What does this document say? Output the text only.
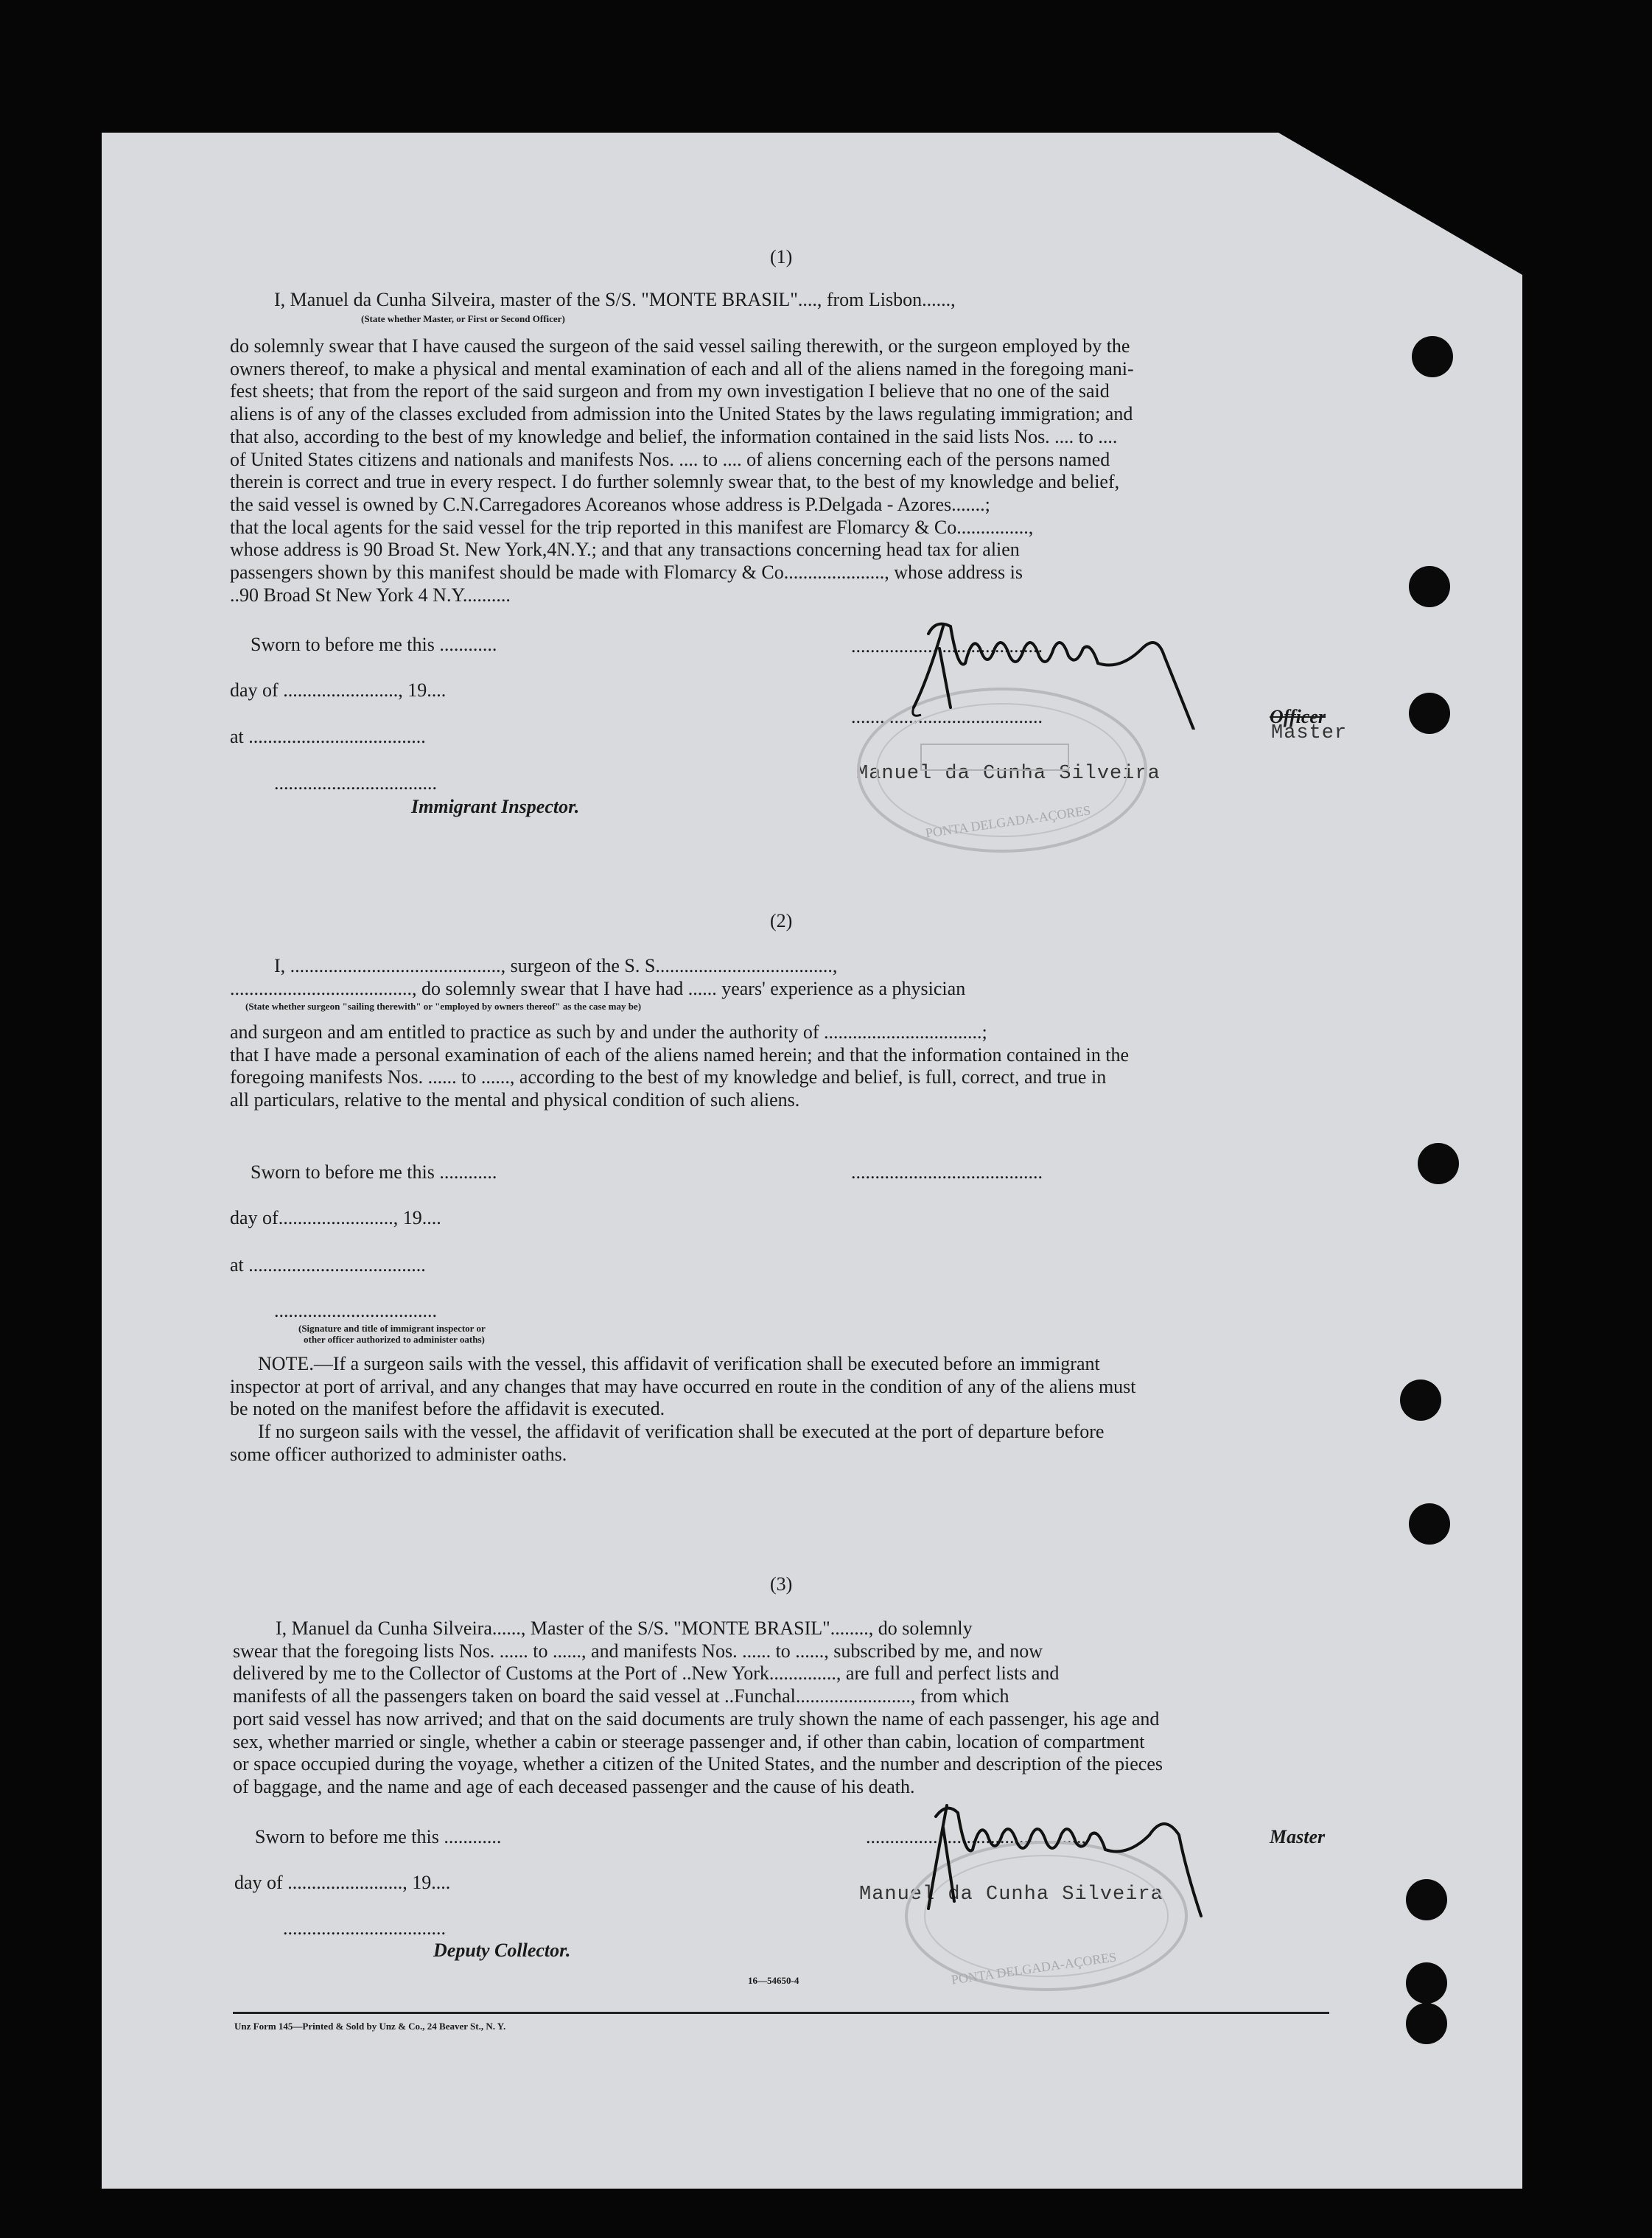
(1)
I, Manuel da Cunha Silveira, master of the S/S. "MONTE BRASIL"...., from Lisbon......,
(State whether Master, or First or Second Officer)
do solemnly swear that I have caused the surgeon of the said vessel sailing therewith, or the surgeon employed by the
owners thereof, to make a physical and mental examination of each and all of the aliens named in the foregoing mani-
fest sheets; that from the report of the said surgeon and from my own investigation I believe that no one of the said
aliens is of any of the classes excluded from admission into the United States by the laws regulating immigration; and
that also, according to the best of my knowledge and belief, the information contained in the said lists Nos. .... to ....
of United States citizens and nationals and manifests Nos. .... to .... of aliens concerning each of the persons named
therein is correct and true in every respect. I do further solemnly swear that, to the best of my knowledge and belief,
the said vessel is owned by C.N.Carregadores Acoreanos whose address is P.Delgada - Azores.......;
that the local agents for the said vessel for the trip reported in this manifest are Flomarcy & Co...............,
whose address is 90 Broad St. New York,4N.Y.; and that any transactions concerning head tax for alien
passengers shown by this manifest should be made with Flomarcy & Co....................., whose address is
..90 Broad St New York 4 N.Y..........
Sworn to before me this ............
day of ........................, 19....
at .....................................
..................................
Immigrant Inspector.
........................................
........................................	Officer
Master
Manuel da Cunha Silveira
PONTA DELGADA-AÇORES
(2)
I, ............................................, surgeon of the S. S.....................................,
......................................, do solemnly swear that I have had ...... years' experience as a physician
(State whether surgeon "sailing therewith" or "employed by owners thereof" as the case may be)
and surgeon and am entitled to practice as such by and under the authority of .................................;
that I have made a personal examination of each of the aliens named herein; and that the information contained in the
foregoing manifests Nos. ...... to ......, according to the best of my knowledge and belief, is full, correct, and true in
all particulars, relative to the mental and physical condition of such aliens.
Sworn to before me this ............	........................................
day of........................, 19....
at .....................................
..................................
(Signature and title of immigrant inspector or
other officer authorized to administer oaths)
NOTE.—If a surgeon sails with the vessel, this affidavit of verification shall be executed before an immigrant
inspector at port of arrival, and any changes that may have occurred en route in the condition of any of the aliens must
be noted on the manifest before the affidavit is executed.
If no surgeon sails with the vessel, the affidavit of verification shall be executed at the port of departure before
some officer authorized to administer oaths.
(3)
I, Manuel da Cunha Silveira......, Master of the S/S. "MONTE BRASIL"........, do solemnly
swear that the foregoing lists Nos. ...... to ......, and manifests Nos. ...... to ......, subscribed by me, and now
delivered by me to the Collector of Customs at the Port of ..New York.............., are full and perfect lists and
manifests of all the passengers taken on board the said vessel at ..Funchal........................, from which
port said vessel has now arrived; and that on the said documents are truly shown the name of each passenger, his age and
sex, whether married or single, whether a cabin or steerage passenger and, if other than cabin, location of compartment
or space occupied during the voyage, whether a citizen of the United States, and the number and description of the pieces
of baggage, and the name and age of each deceased passenger and the cause of his death.
Sworn to before me this ............
day of ........................, 19....
..................................
Deputy Collector.
.............................................,	Master
Manuel da Cunha Silveira
PONTA DELGADA-AÇORES
16—54650-4
Unz Form 145—Printed & Sold by Unz & Co., 24 Beaver St., N. Y.
